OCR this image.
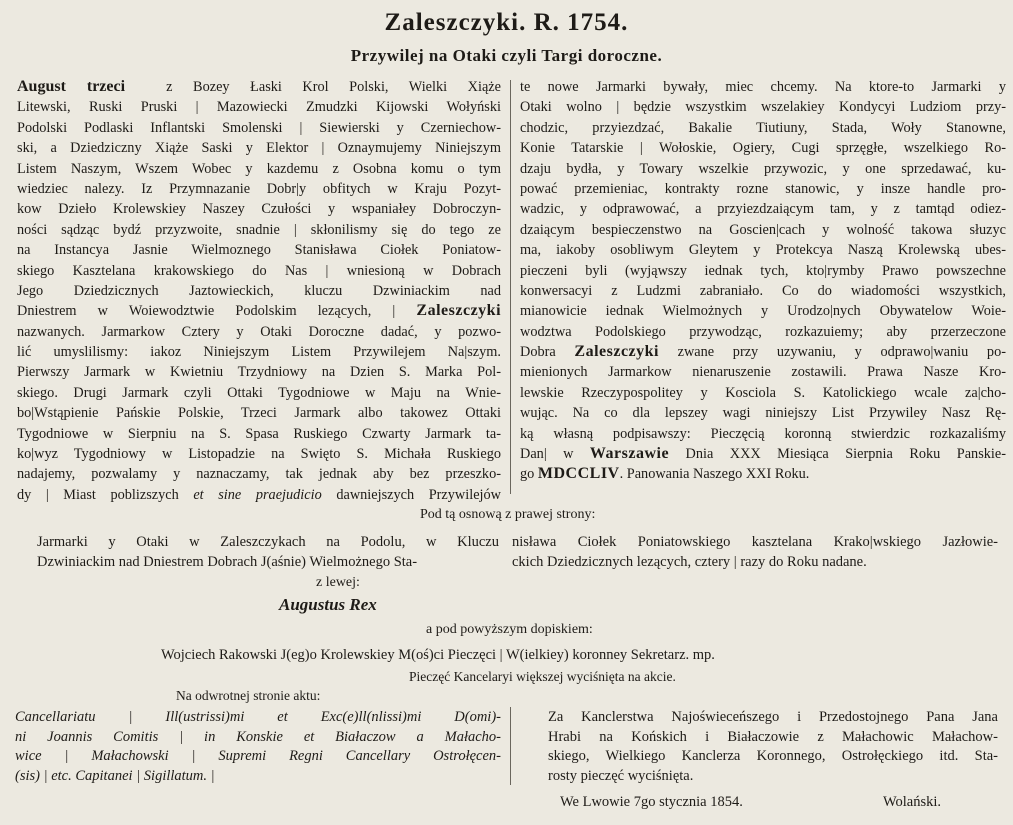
Zaleszczyki. R. 1754.
Przywilej na Otaki czyli Targi doroczne.
August trzeci	z Bozey Łaski Krol Polski, Wielki Xiąże
Litewski, Ruski Pruski | Mazowiecki Zmudzki Kijowski Wołyński
Podolski Podlaski Inflantski Smolenski | Siewierski y Czerniechow-
ski, a Dziedziczny Xiąże Saski y Elektor | Oznaymujemy Niniejszym
Listem Naszym, Wszem Wobec y kazdemu z Osobna komu o tym
wiedziec nalezy. Iz Przymnazanie Dobr|y obfitych w Kraju Pozyt-
kow Dzieło Krolewskiey Naszey Czułości y wspaniałey Dobroczyn-
ności sądząc bydź przyzwoite, snadnie | skłonilismy się do tego ze
na Instancya Jasnie Wielmoznego Stanisława Ciołek Poniatow-
skiego Kasztelana krakowskiego do Nas | wniesioną w Dobrach
Jego Dziedzicznych Jaztowieckich, kluczu Dzwiniackim nad
Dniestrem w Woiewodztwie Podolskim lezących, | Zaleszczyki
nazwanych. Jarmarkow Cztery y Otaki Doroczne dadać, y pozwo-
lić umyslilismy: iakoz Niniejszym Listem Przywilejem Na|szym.
Pierwszy Jarmark w Kwietniu Trzydniowy na Dzien S. Marka Pol-
skiego. Drugi Jarmark czyli Ottaki Tygodniowe w Maju na Wnie-
bo|Wstąpienie Pańskie Polskie, Trzeci Jarmark albo takowez Ottaki
Tygodniowe w Sierpniu na S. Spasa Ruskiego Czwarty Jarmark ta-
ko|wyz Tygodniowy w Listopadzie na Swięto S. Michała Ruskiego
nadajemy, pozwalamy y naznaczamy, tak jednak aby bez przeszko-
dy | Miast poblizszych et sine praejudicio dawniejszych Przywilejów
te nowe Jarmarki bywały, miec chcemy. Na ktore-to Jarmarki y
Otaki wolno | będzie wszystkim wszelakiey Kondycyi Ludziom przy-
chodzic, przyiezdzać, Bakalie Tiutiuny, Stada, Woły Stanowne,
Konie Tatarskie | Wołoskie, Ogiery, Cugi sprzęgłe, wszelkiego Ro-
dzaju bydła, y Towary wszelkie przywozic, y one sprzedawać, ku-
pować przemieniac, kontrakty rozne stanowic, y insze handle pro-
wadzic, y odprawować, a przyiezdzaiącym tam, y z tamtąd odiez-
dzaiącym bespieczenstwo na Goscien|cach y wolność takowa słuzyc
ma, iakoby osobliwym Gleytem y Protekcya Naszą Krolewską ubes-
pieczeni byli (wyjąwszy iednak tych, kto|rymby Prawo powszechne
konwersacyi z Ludzmi zabraniało. Co do wiadomości wszystkich,
mianowicie iednak Wielmożnych y Urodzo|nych Obywatelow Woie-
wodztwa Podolskiego przywodząc, rozkazuiemy; aby przerzeczone
Dobra Zaleszczyki zwane przy uzywaniu, y odprawo|waniu po-
mienionych Jarmarkow nienaruszenie zostawili. Prawa Nasze Kro-
lewskie Rzeczypospolitey y Kosciola S. Katolickiego wcale za|cho-
wując. Na co dla lepszey wagi niniejszy List Przywiley Nasz Rę-
ką własną podpisawszy: Pieczęcią koronną stwierdzic rozkazaliśmy
Dan| w Warszawie Dnia XXX Miesiąca Sierpnia Roku Panskie-
go MDCCLIV. Panowania Naszego XXI Roku.
Pod tą osnową z prawej strony:
Jarmarki y Otaki w Zaleszczykach na Podolu, w Kluczu
Dzwiniackim nad Dniestrem Dobrach J(aśnie) Wielmożnego Sta-
nisława Ciołek Poniatowskiego kasztelana Krako|wskiego Jazłowie-
ckich Dziedzicznych lezących, cztery | razy do Roku nadane.
z lewej:
Augustus Rex
a pod powyższym dopiskiem:
Wojciech Rakowski J(eg)o Krolewskiey M(oś)ci Pieczęci | W(ielkiey) koronney Sekretarz. mp.
Pieczęć Kancelaryi większej wyciśnięta na akcie.
Na odwrotnej stronie aktu:
Cancellariatu | Ill(ustrissi)mi et Exc(e)ll(nlissi)mi D(omi)-
ni Joannis Comitis | in Konskie et Białaczow a Małacho-
wice | Małachowski | Supremi Regni Cancellary Ostrołęcen-
(sis) | etc. Capitanei | Sigillatum. |
Za Kanclerstwa Najoświeceńszego i Przedostojnego Pana Jana
Hrabi na Końskich i Białaczowie z Małachowic Małachow-
skiego, Wielkiego Kanclerza Koronnego, Ostrołęckiego itd. Sta-
rosty pieczęć wyciśnięta.
We Lwowie 7go stycznia 1854.	Wolański.
